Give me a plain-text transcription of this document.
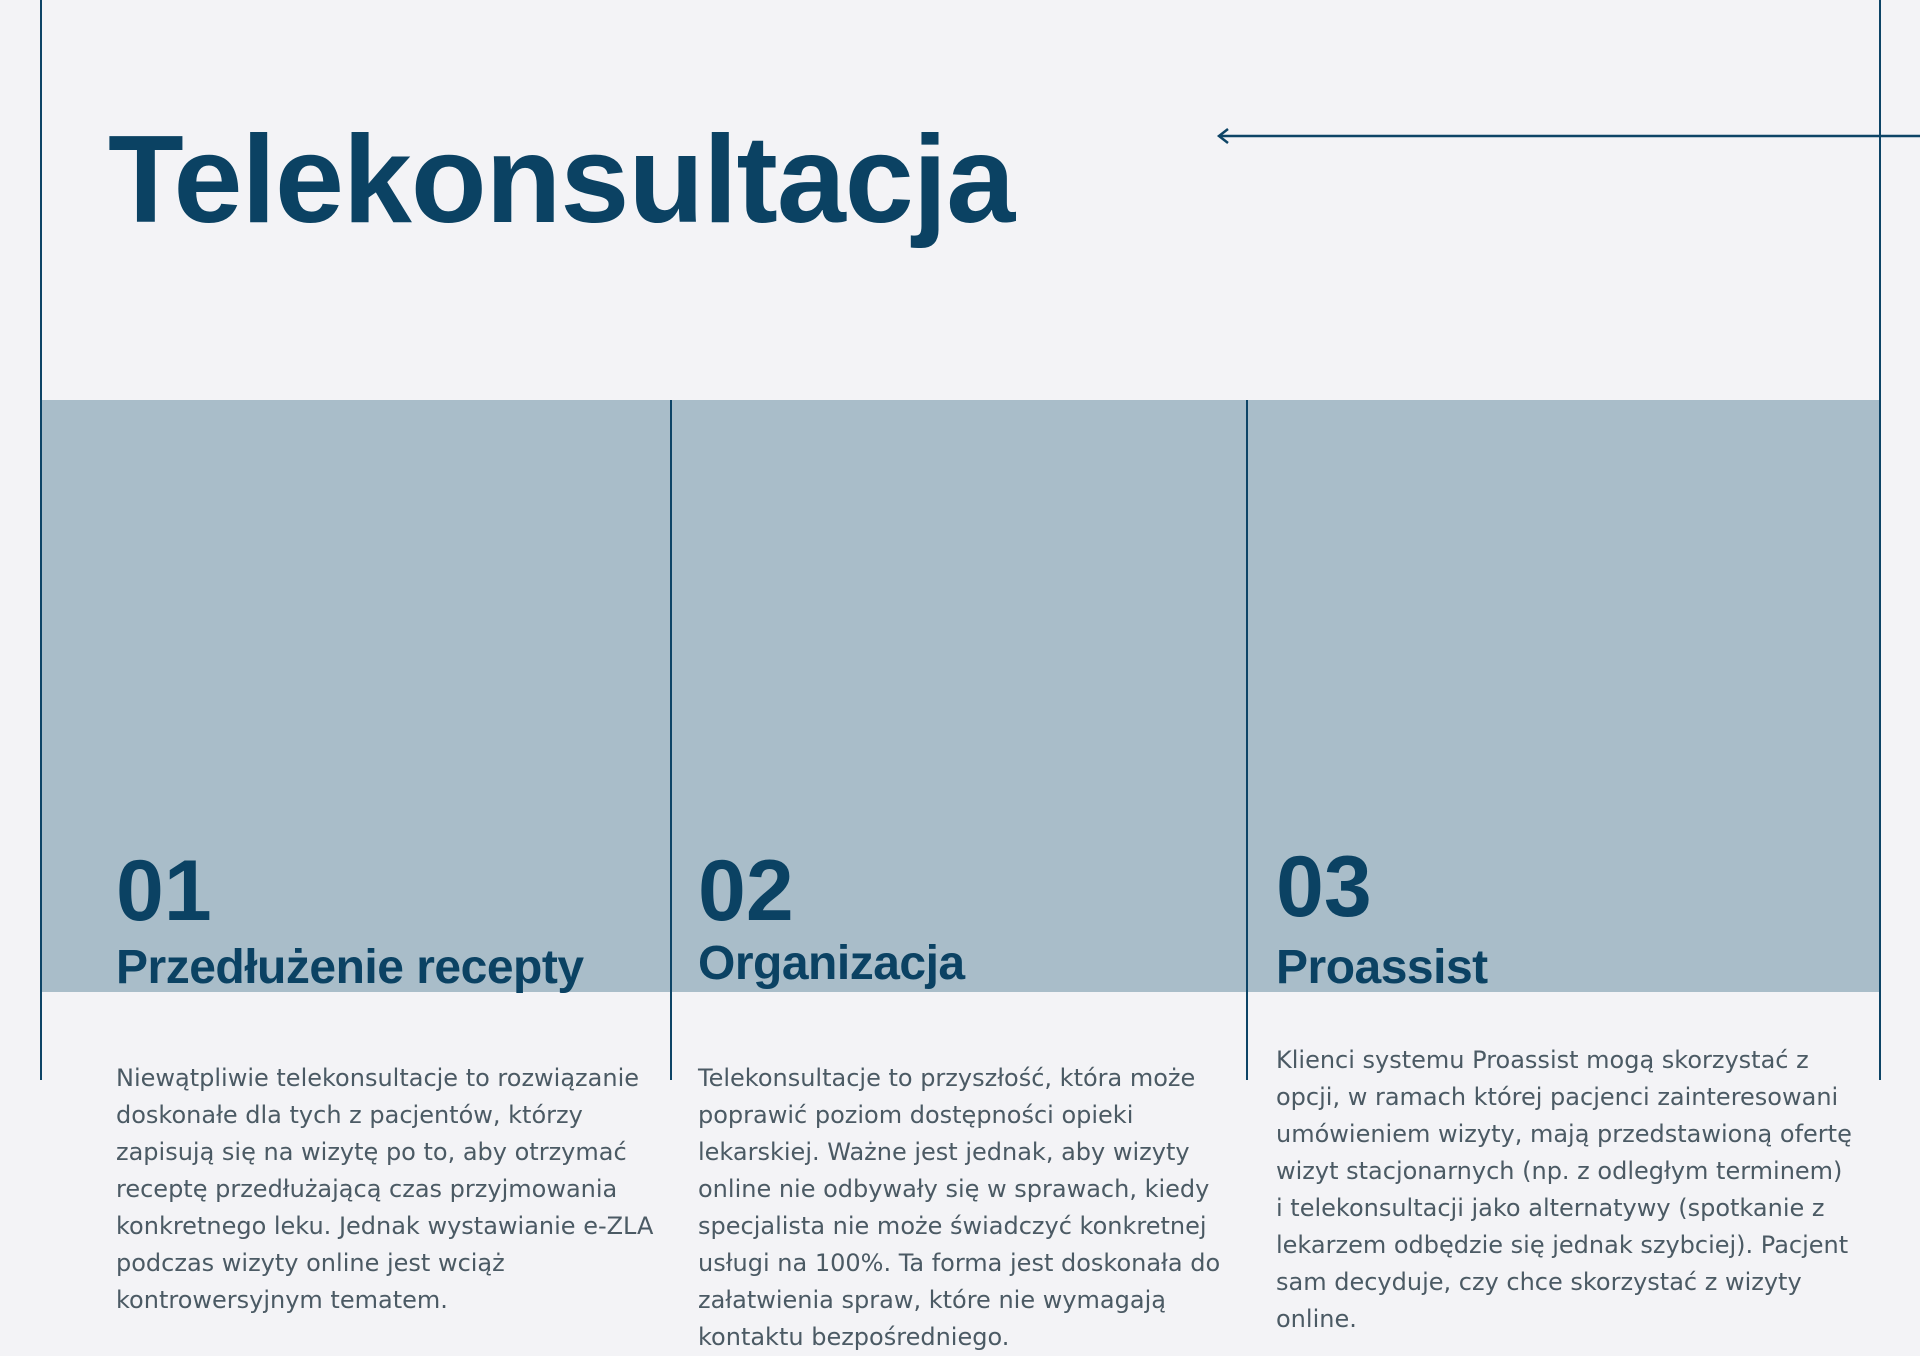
Telekonsultacja
01
Przedłużenie recepty

Niewątpliwie telekonsultacje to rozwiązanie doskonałe dla tych z pacjentów, którzy zapisują się na wizytę po to, aby otrzymać receptę przedłużającą czas przyjmowania konkretnego leku. Jednak wystawianie e-ZLA podczas wizyty online jest wciąż kontrowersyjnym tematem.

02
Organizacja

Telekonsultacje to przyszłość, która może poprawić poziom dostępności opieki lekarskiej. Ważne jest jednak, aby wizyty online nie odbywały się w sprawach, kiedy specjalista nie może świadczyć konkretnej usługi na 100%. Ta forma jest doskonała do załatwienia spraw, które nie wymagają kontaktu bezpośredniego.

03
Proassist

Klienci systemu Proassist mogą skorzystać z opcji, w ramach której pacjenci zainteresowani umówieniem wizyty, mają przedstawioną ofertę wizyt stacjonarnych (np. z odległym terminem) i telekonsultacji jako alternatywy (spotkanie z lekarzem odbędzie się jednak szybciej). Pacjent sam decyduje, czy chce skorzystać z wizyty online.
